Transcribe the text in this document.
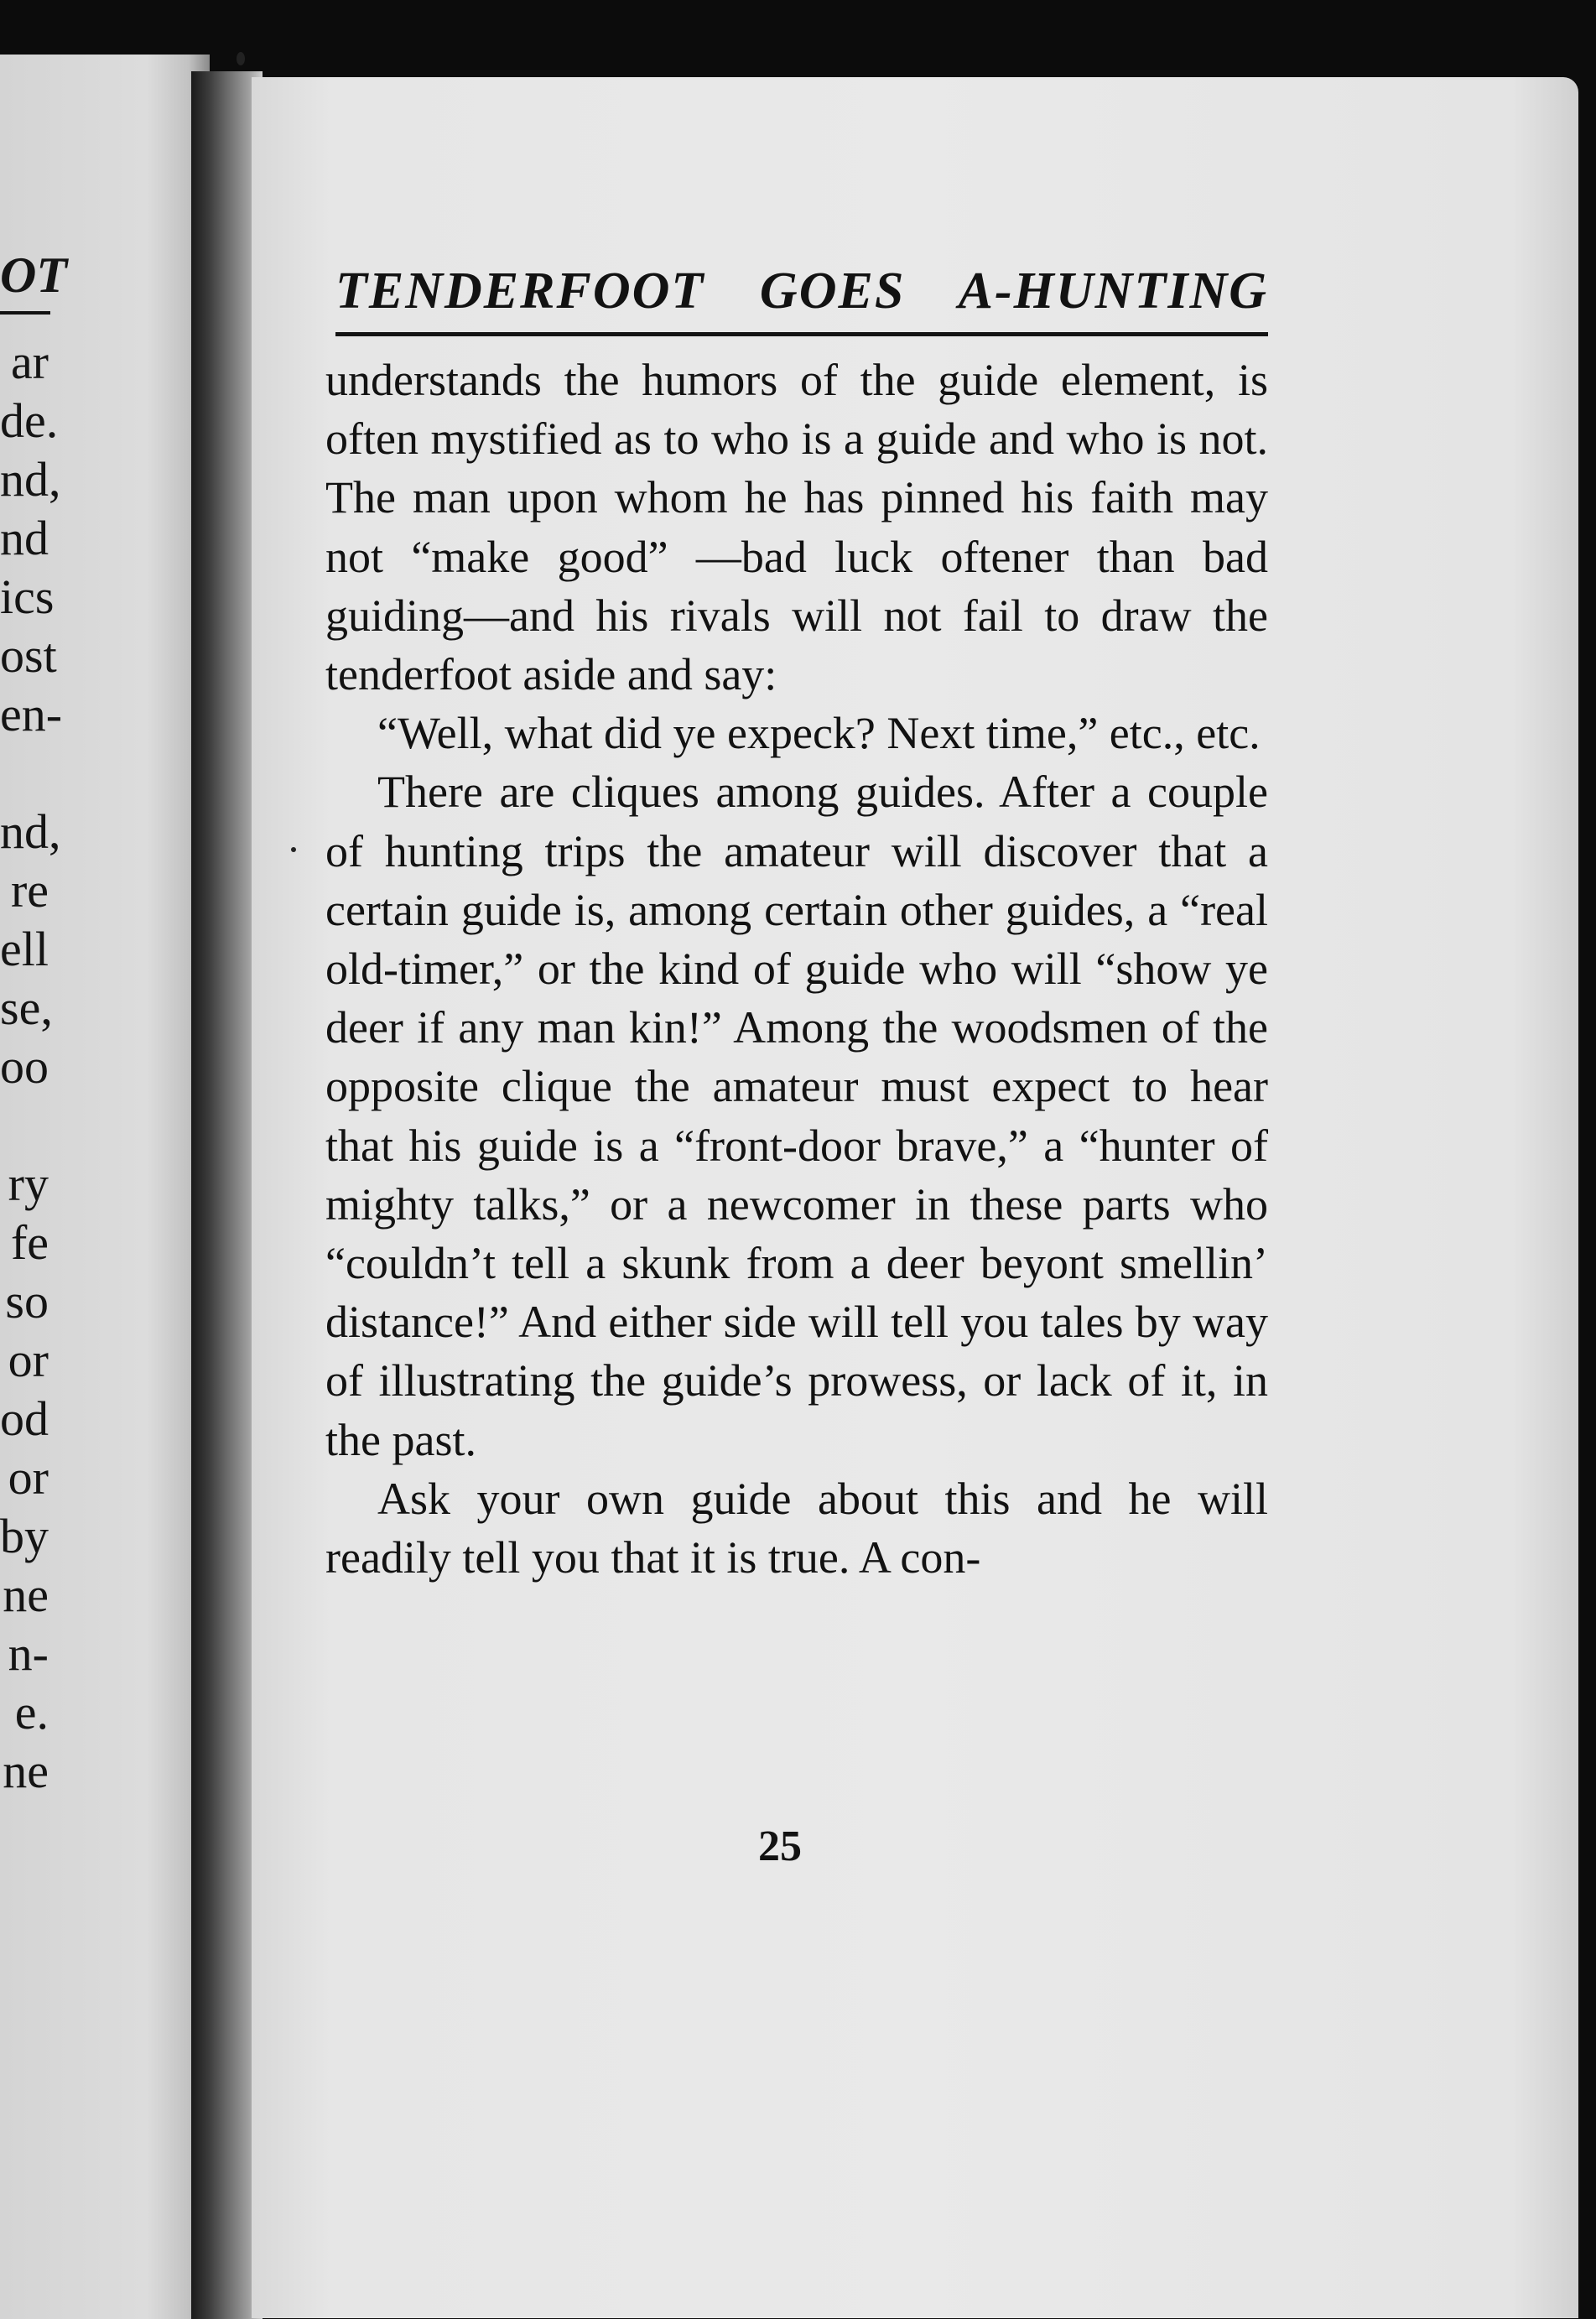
OT
ar
de.
nd,
nd
ics
ost
en-

nd,
re
ell
se,
oo

ry
fe
so
or
od
or
by
ne
n-
e.
ne
TENDERFOOT GOES A-HUNTING

understands the humors of the guide element, is often mystified as to who is a guide and who is not. The man upon whom he has pinned his faith may not “make good” —bad luck oftener than bad guiding—and his rivals will not fail to draw the tenderfoot aside and say:

“Well, what did ye expeck? Next time,” etc., etc.

There are cliques among guides. After a couple of hunting trips the amateur will discover that a certain guide is, among certain other guides, a “real old-timer,” or the kind of guide who will “show ye deer if any man kin!” Among the woodsmen of the opposite clique the amateur must expect to hear that his guide is a “front-door brave,” a “hunter of mighty talks,” or a newcomer in these parts who “couldn’t tell a skunk from a deer beyont smellin’ distance!” And either side will tell you tales by way of illustrating the guide’s prowess, or lack of it, in the past.

Ask your own guide about this and he will readily tell you that it is true. A con-

25
